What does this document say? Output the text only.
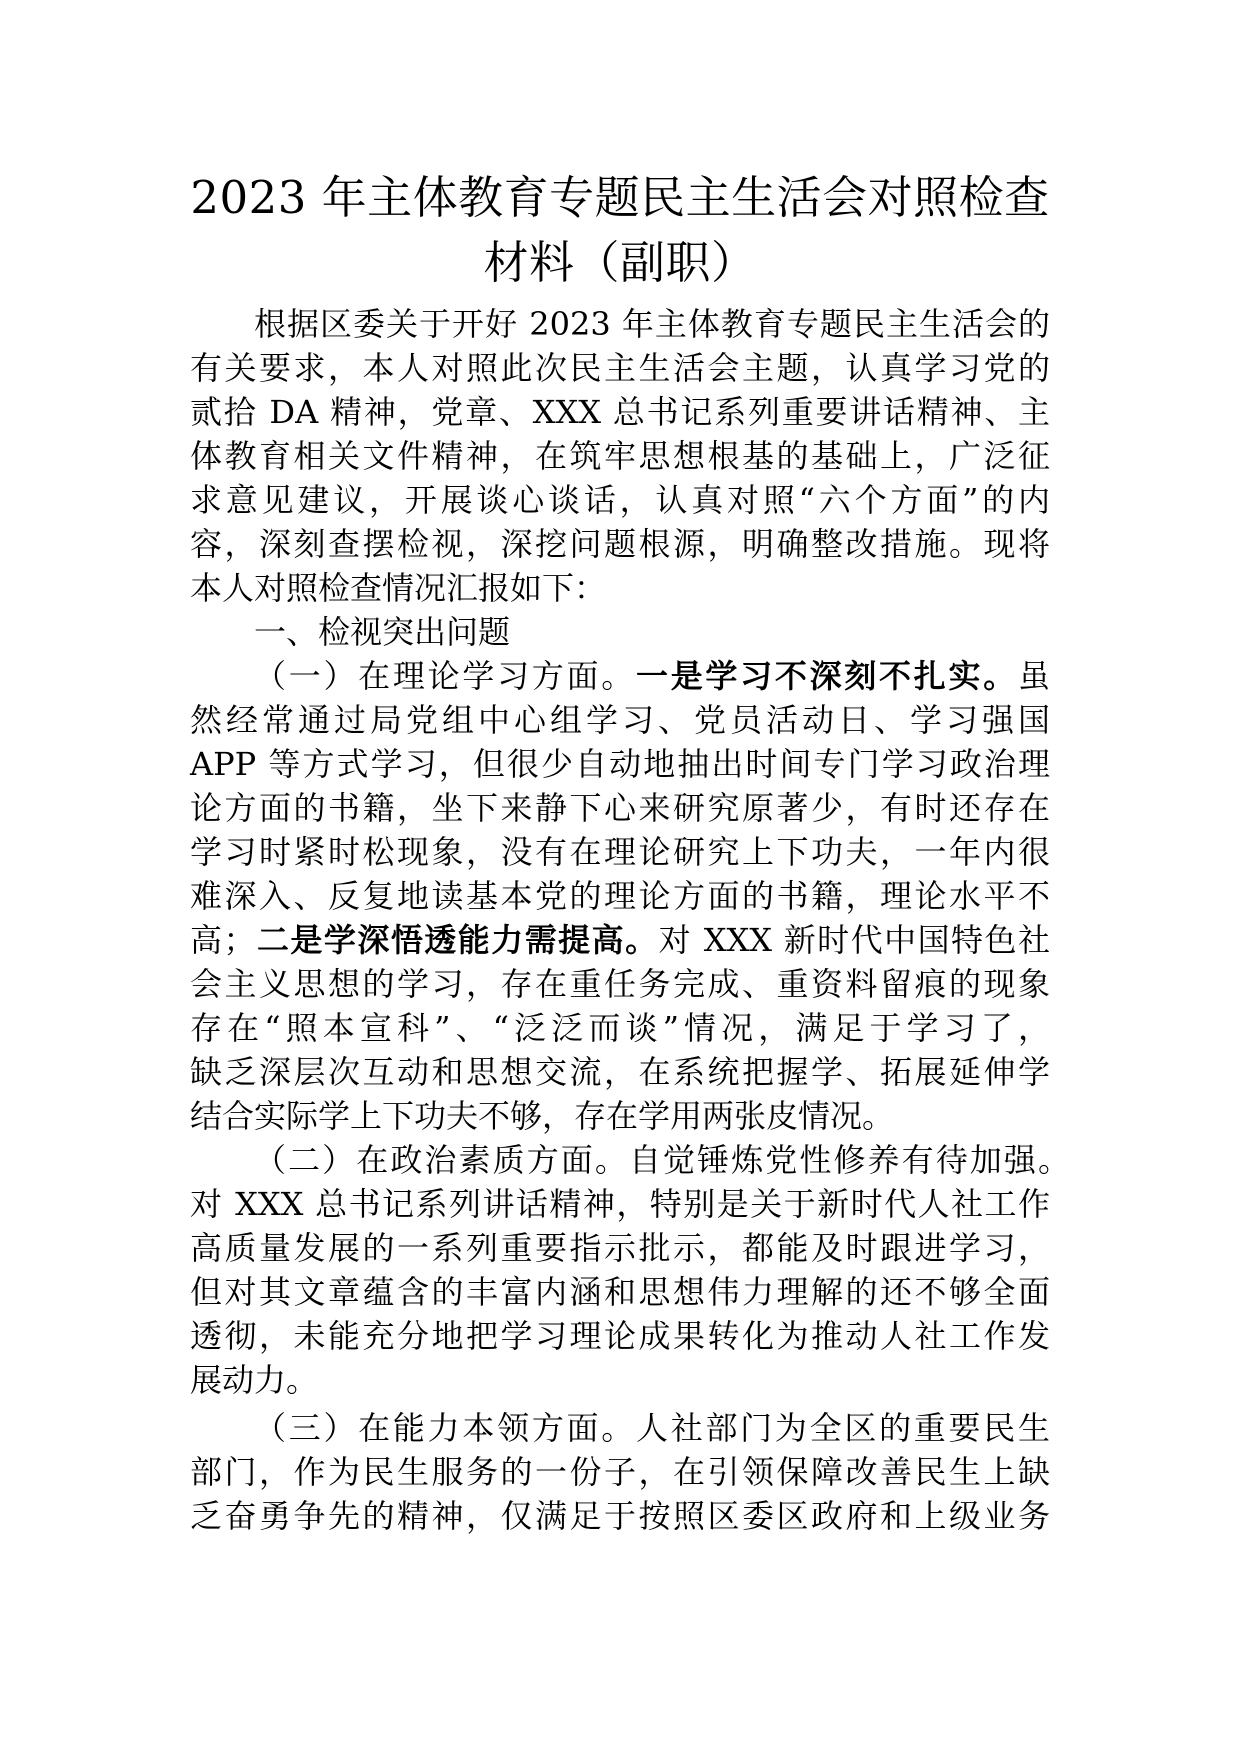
2023 年主体教育专题民主生活会对照检查
材料（副职）
根据区委关于开好 2023 年主体教育专题民主生活会的
有关要求，本人对照此次民主生活会主题，认真学习党的
贰拾 DA 精神，党章、XXX 总书记系列重要讲话精神、主
体教育相关文件精神，在筑牢思想根基的基础上，广泛征
求意见建议，开展谈心谈话，认真对照“六个方面”的内
容，深刻查摆检视，深挖问题根源，明确整改措施。现将
本人对照检查情况汇报如下：
一、检视突出问题
（一）在理论学习方面。一是学习不深刻不扎实。虽
然经常通过局党组中心组学习、党员活动日、学习强国
APP 等方式学习，但很少自动地抽出时间专门学习政治理
论方面的书籍，坐下来静下心来研究原著少，有时还存在
学习时紧时松现象，没有在理论研究上下功夫，一年内很
难深入、反复地读基本党的理论方面的书籍，理论水平不
高；二是学深悟透能力需提高。对 XXX 新时代中国特色社
会主义思想的学习，存在重任务完成、重资料留痕的现象
存在“照本宣科”、“泛泛而谈”情况，满足于学习了，
缺乏深层次互动和思想交流，在系统把握学、拓展延伸学
结合实际学上下功夫不够，存在学用两张皮情况。
（二）在政治素质方面。自觉锤炼党性修养有待加强。
对 XXX 总书记系列讲话精神，特别是关于新时代人社工作
高质量发展的一系列重要指示批示，都能及时跟进学习，
但对其文章蕴含的丰富内涵和思想伟力理解的还不够全面
透彻，未能充分地把学习理论成果转化为推动人社工作发
展动力。
（三）在能力本领方面。人社部门为全区的重要民生
部门，作为民生服务的一份子，在引领保障改善民生上缺
乏奋勇争先的精神，仅满足于按照区委区政府和上级业务
